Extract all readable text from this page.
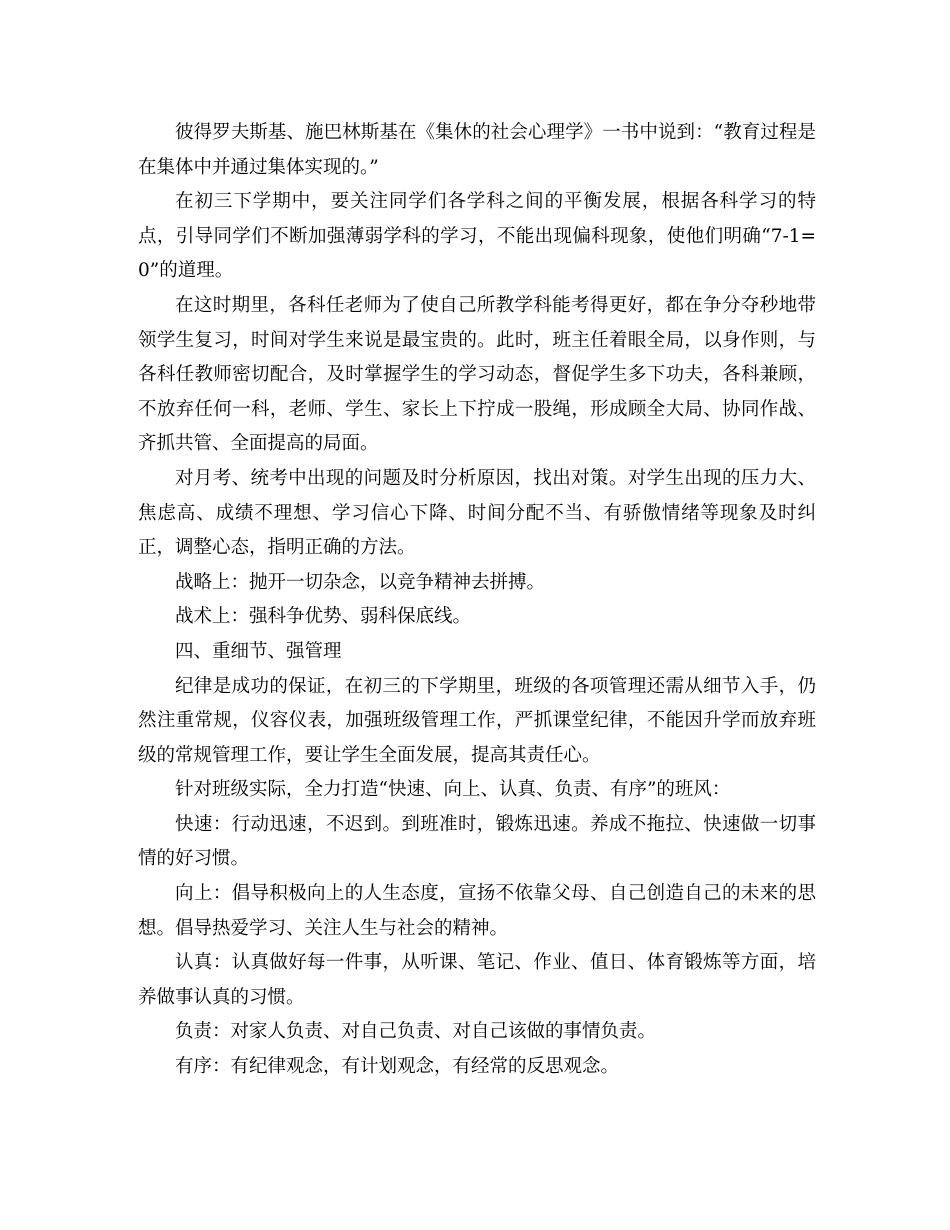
彼得罗夫斯基、施巴林斯基在《集休的社会心理学》一书中说到：“教育过程是在集体中并通过集体实现的。”

在初三下学期中，要关注同学们各学科之间的平衡发展，根据各科学习的特点，引导同学们不断加强薄弱学科的学习，不能出现偏科现象，使他们明确“7-1=0”的道理。

在这时期里，各科任老师为了使自己所教学科能考得更好，都在争分夺秒地带领学生复习，时间对学生来说是最宝贵的。此时，班主任着眼全局，以身作则，与各科任教师密切配合，及时掌握学生的学习动态，督促学生多下功夫，各科兼顾，不放弃任何一科，老师、学生、家长上下拧成一股绳，形成顾全大局、协同作战、齐抓共管、全面提高的局面。

对月考、统考中出现的问题及时分析原因，找出对策。对学生出现的压力大、焦虑高、成绩不理想、学习信心下降、时间分配不当、有骄傲情绪等现象及时纠正，调整心态，指明正确的方法。

战略上：抛开一切杂念，以竞争精神去拼搏。

战术上：强科争优势、弱科保底线。

四、重细节、强管理

纪律是成功的保证，在初三的下学期里，班级的各项管理还需从细节入手，仍然注重常规，仪容仪表，加强班级管理工作，严抓课堂纪律，不能因升学而放弃班级的常规管理工作，要让学生全面发展，提高其责任心。

针对班级实际，全力打造“快速、向上、认真、负责、有序”的班风：

快速：行动迅速，不迟到。到班准时，锻炼迅速。养成不拖拉、快速做一切事情的好习惯。

向上：倡导积极向上的人生态度，宣扬不依靠父母、自己创造自己的未来的思想。倡导热爱学习、关注人生与社会的精神。

认真：认真做好每一件事，从听课、笔记、作业、值日、体育锻炼等方面，培养做事认真的习惯。

负责：对家人负责、对自己负责、对自己该做的事情负责。

有序：有纪律观念，有计划观念，有经常的反思观念。
